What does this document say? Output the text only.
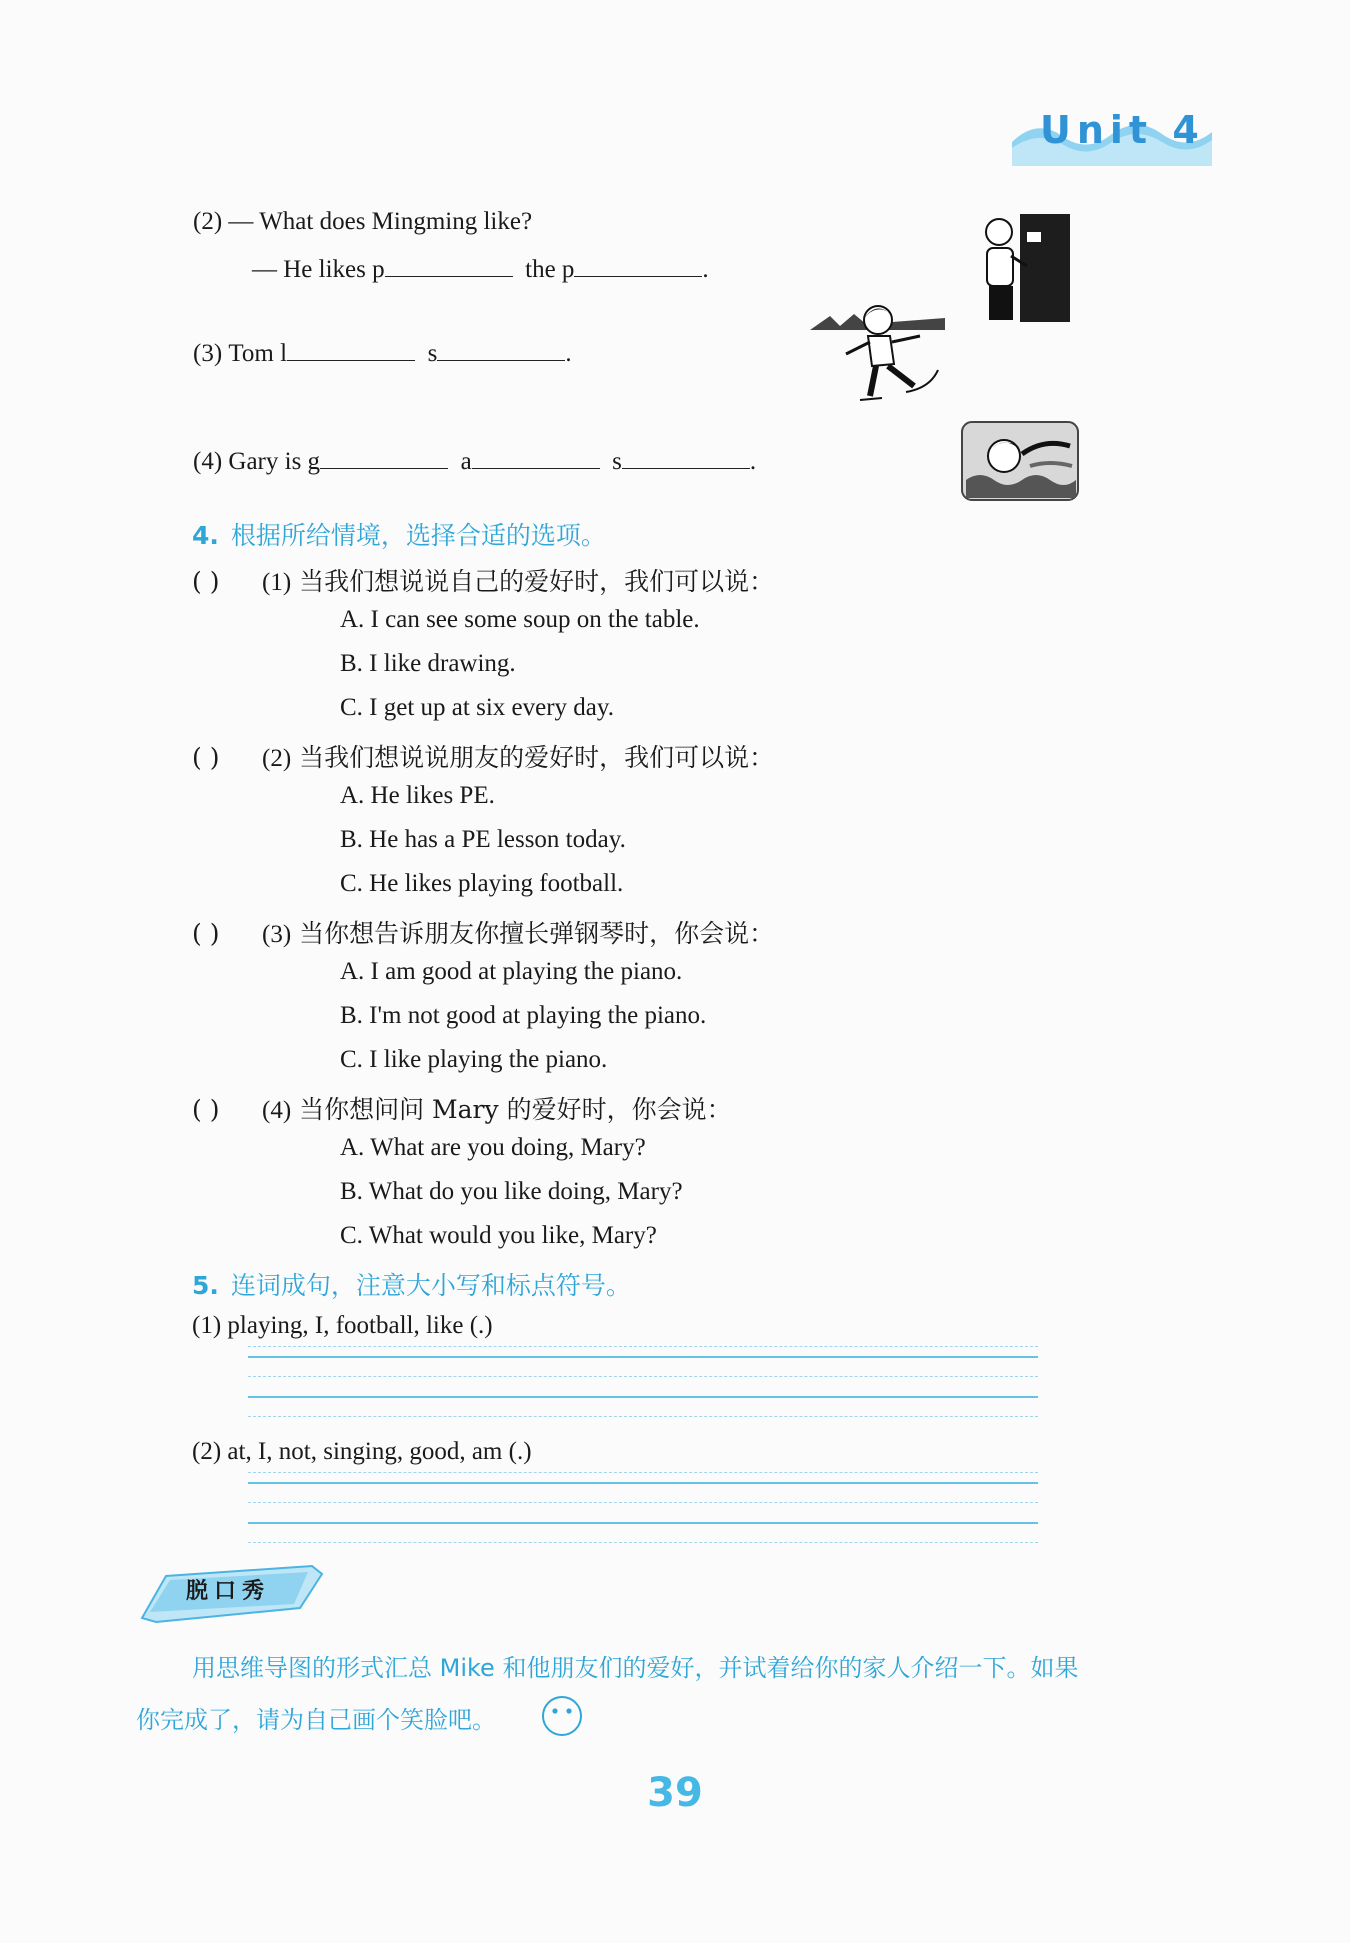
Unit 4
(2) — What does Mingming like?
— He likes p	the p	.
(3) Tom l	s	.
(4) Gary is g	a	s	.
4. 根据所给情境，选择合适的选项。
( ) (1) 当我们想说说自己的爱好时，我们可以说：
A. I can see some soup on the table.
B. I like drawing.
C. I get up at six every day.
( ) (2) 当我们想说说朋友的爱好时，我们可以说：
A. He likes PE.
B. He has a PE lesson today.
C. He likes playing football.
( ) (3) 当你想告诉朋友你擅长弹钢琴时，你会说：
A. I am good at playing the piano.
B. I'm not good at playing the piano.
C. I like playing the piano.
( ) (4) 当你想问问 Mary 的爱好时，你会说：
A. What are you doing, Mary?
B. What do you like doing, Mary?
C. What would you like, Mary?
5. 连词成句，注意大小写和标点符号。
(1) playing, I, football, like (.)
(2) at, I, not, singing, good, am (.)
脱口秀
用思维导图的形式汇总 Mike 和他朋友们的爱好，并试着给你的家人介绍一下。如果
你完成了，请为自己画个笑脸吧。
39
